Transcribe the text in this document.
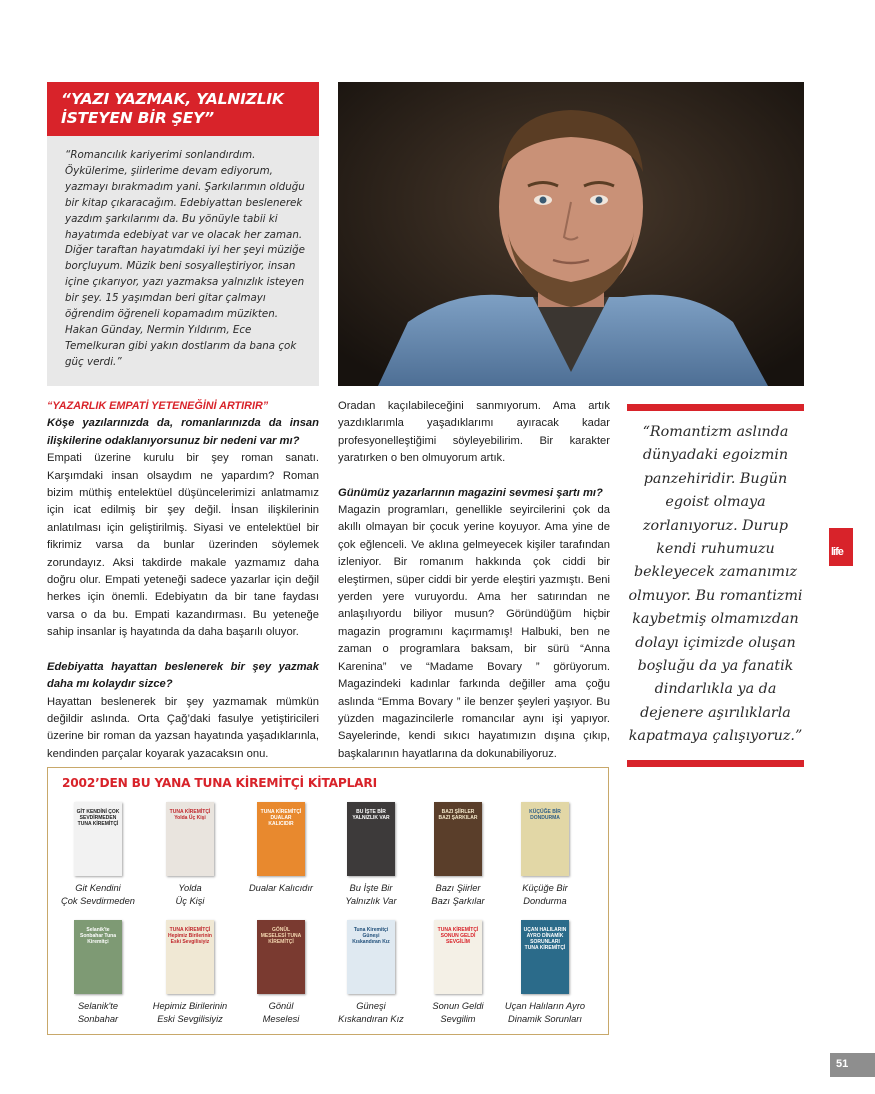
“YAZI YAZMAK, YALNIZLIK
İSTEYEN BİR ŞEY”

“Romancılık kariyerimi sonlandırdım. Öykülerime, şiirlerime devam ediyorum, yazmayı bırakmadım yani. Şarkılarımın olduğu bir kitap çıkaracağım. Edebiyattan beslenerek yazdım şarkılarımı da. Bu yönüyle tabii ki hayatımda edebiyat var ve olacak her zaman. Diğer taraftan hayatımdaki iyi her şeyi müziğe borçluyum. Müzik beni sosyalleştiriyor, insan içine çıkarıyor, yazı yazmaksa yalnızlık isteyen bir şey. 15 yaşımdan beri gitar çalmayı öğrendim öğreneli kopamadım müzikten. Hakan Günday, Nermin Yıldırım, Ece Temelkuran gibi yakın dostlarım da bana çok güç verdi.”

“YAZARLIK EMPATİ YETENEĞİNİ ARTIRIR”

Köşe yazılarınızda da, romanlarınızda da insan ilişkilerine odaklanıyorsunuz bir nedeni var mı?

Empati üzerine kurulu bir şey roman sanatı. Karşımdaki insan olsaydım ne yapardım? Roman bizim müthiş entelektüel düşüncelerimizi anlatmamız için icat edilmiş bir şey değil. İnsan ilişkilerinin anlatılması için geliştirilmiş. Siyasi ve entelektüel bir fikrimiz varsa da bunlar üzerinden söylemek zorundayız. Aksi takdirde makale yazmamız daha doğru olur. Empati yeteneği sadece yazarlar için değil herkes için önemli. Edebiyatın da bir tane faydası varsa o da bu. Empati kazandırması. Bu yeteneğe sahip insanlar iş hayatında da daha başarılı oluyor.

Edebiyatta hayattan beslenerek bir şey yazmak daha mı kolaydır sizce?

Hayattan beslenerek bir şey yazmamak mümkün değildir aslında. Orta Çağ’daki fasulye yetiştiricileri üzerine bir roman da yazsan hayatında yaşadıklarınla, kendinden parçalar koyarak yazacaksın onu.

Oradan kaçılabileceğini sanmıyorum. Ama artık yazdıklarımla yaşadıklarımı ayıracak kadar profesyonelleştiğimi söyleyebilirim. Bir karakter yaratırken o ben olmuyorum artık.

Günümüz yazarlarının magazini sevmesi şartı mı?

Magazin programları, genellikle seyircilerini çok da akıllı olmayan bir çocuk yerine koyuyor. Ama yine de çok eğlenceli. Ve aklına gelmeyecek kişiler tarafından izleniyor. Bir romanım hakkında çok ciddi bir eleştirmen, süper ciddi bir yerde eleştiri yazmıştı. Beni yerden yere vuruyordu. Ama her satırından ne anlaşılıyordu biliyor musun? Göründüğüm hiçbir magazin programını kaçırmamış! Halbuki, ben ne zaman o programlara baksam, bir sürü “Anna Karenina” ve “Madame Bovary ” görüyorum. Magazindeki kadınlar farkında değiller ama çoğu aslında “Emma Bovary ” ile benzer şeyleri yaşıyor. Bu yüzden magazincilerle romancılar aynı işi yapıyor. Sayelerinde, kendi sıkıcı hayatımızın dışına çıkıp, başkalarının hayatlarına da dokunabiliyoruz.

“Romantizm aslında dünyadaki egoizmin panzehiridir. Bugün egoist olmaya zorlanıyoruz. Durup kendi ruhumuzu bekleyecek zamanımız olmuyor. Bu romantizmi kaybetmiş olmamızdan dolayı içimizde oluşan boşluğu da ya fanatik dindarlıkla ya da dejenere aşırılıklarla kapatmaya çalışıyoruz.”
life
2002’DEN BU YANA TUNA KİREMİTÇİ KİTAPLARI
GİT KENDİNİ ÇOK SEVDİRMEDEN TUNA KİREMİTÇİ
Git Kendini
Çok Sevdirmeden
TUNA KİREMİTÇİ Yolda Üç Kişi
Yolda
Üç Kişi
TUNA KİREMİTÇİ DUALAR KALICIDIR
Dualar Kalıcıdır
BU İŞTE BİR YALNIZLIK VAR
Bu İşte Bir
Yalnızlık Var
BAZI ŞİİRLER BAZI ŞARKILAR
Bazı Şiirler
Bazı Şarkılar
KÜÇÜĞE BİR DONDURMA
Küçüğe Bir
Dondurma
Selanik'te Sonbahar Tuna Kiremitçi
Selanik'te
Sonbahar
TUNA KİREMİTÇİ Hepimiz Birilerinin Eski Sevgilisiyiz
Hepimiz Birilerinin
Eski Sevgilisiyiz
GÖNÜL MESELESİ TUNA KİREMİTÇİ
Gönül
Meselesi
Tuna Kiremitçi Güneşi Kıskandıran Kız
Güneşi
Kıskandıran Kız
TUNA KİREMİTÇİ SONUN GELDİ SEVGİLİM
Sonun Geldi
Sevgilim
UÇAN HALILARIN AYRO DİNAMİK SORUNLARI TUNA KİREMİTÇİ
Uçan Halıların Ayro
Dinamik Sorunları
51
